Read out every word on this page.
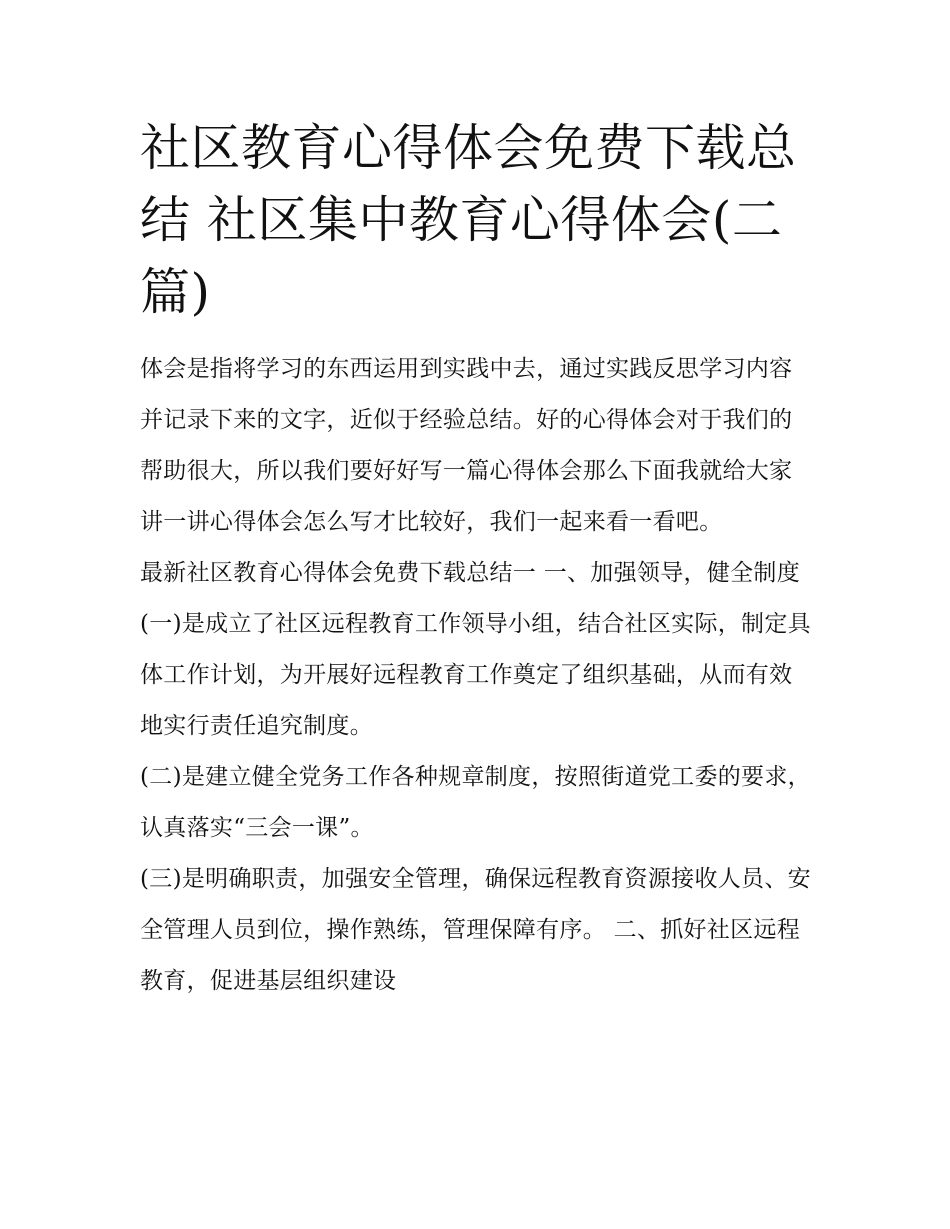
社区教育心得体会免费下载总结 社区集中教育心得体会(二篇)

体会是指将学习的东西运用到实践中去，通过实践反思学习内容并记录下来的文字，近似于经验总结。好的心得体会对于我们的帮助很大，所以我们要好好写一篇心得体会那么下面我就给大家讲一讲心得体会怎么写才比较好，我们一起来看一看吧。

最新社区教育心得体会免费下载总结一 一、加强领导，健全制度

(一)是成立了社区远程教育工作领导小组，结合社区实际，制定具体工作计划，为开展好远程教育工作奠定了组织基础，从而有效地实行责任追究制度。

(二)是建立健全党务工作各种规章制度，按照街道党工委的要求，认真落实“三会一课”。

(三)是明确职责，加强安全管理，确保远程教育资源接收人员、安全管理人员到位，操作熟练，管理保障有序。 二、抓好社区远程教育，促进基层组织建设
